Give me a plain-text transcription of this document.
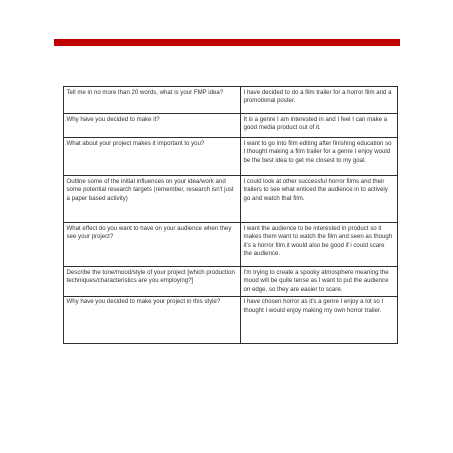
Tell me in no more than 20 words, what is your FMP idea?	I have decided to do a film trailer for a horror film and a promotional poster.
Why have you decided to make it?	It is a genre I am interested in and I feel I can make a good media product out of it.
What about your project makes it important to you?	I want to go into film editing after finishing education so I thought making a film trailer for a genre I enjoy would be the best idea to get me closest to my goal.
Outline some of the initial influences on your idea/work and some potential research targets (remember, research isn't just a paper based activity)	I could look at other successful horror films and their trailers to see what enticed the audience in to actively go and watch that film.
What effect do you want to have on your audience when they see your project?	I want the audience to be interested in product so it makes them want to watch the film and seen as though it's a horror film it would also be good if i could scare the audience.
Describe the tone/mood/style of your project [which production techniques/characteristics are you employing?]	I'm trying to create a spooky atmosphere meaning the mood will be quite tense as I want to put the audience on edge, so they are easier to scare.
Why have you decided to make your project in this style?	I have chosen horror as it's a genre I enjoy a lot so I thought I would enjoy making my own horror trailer.
